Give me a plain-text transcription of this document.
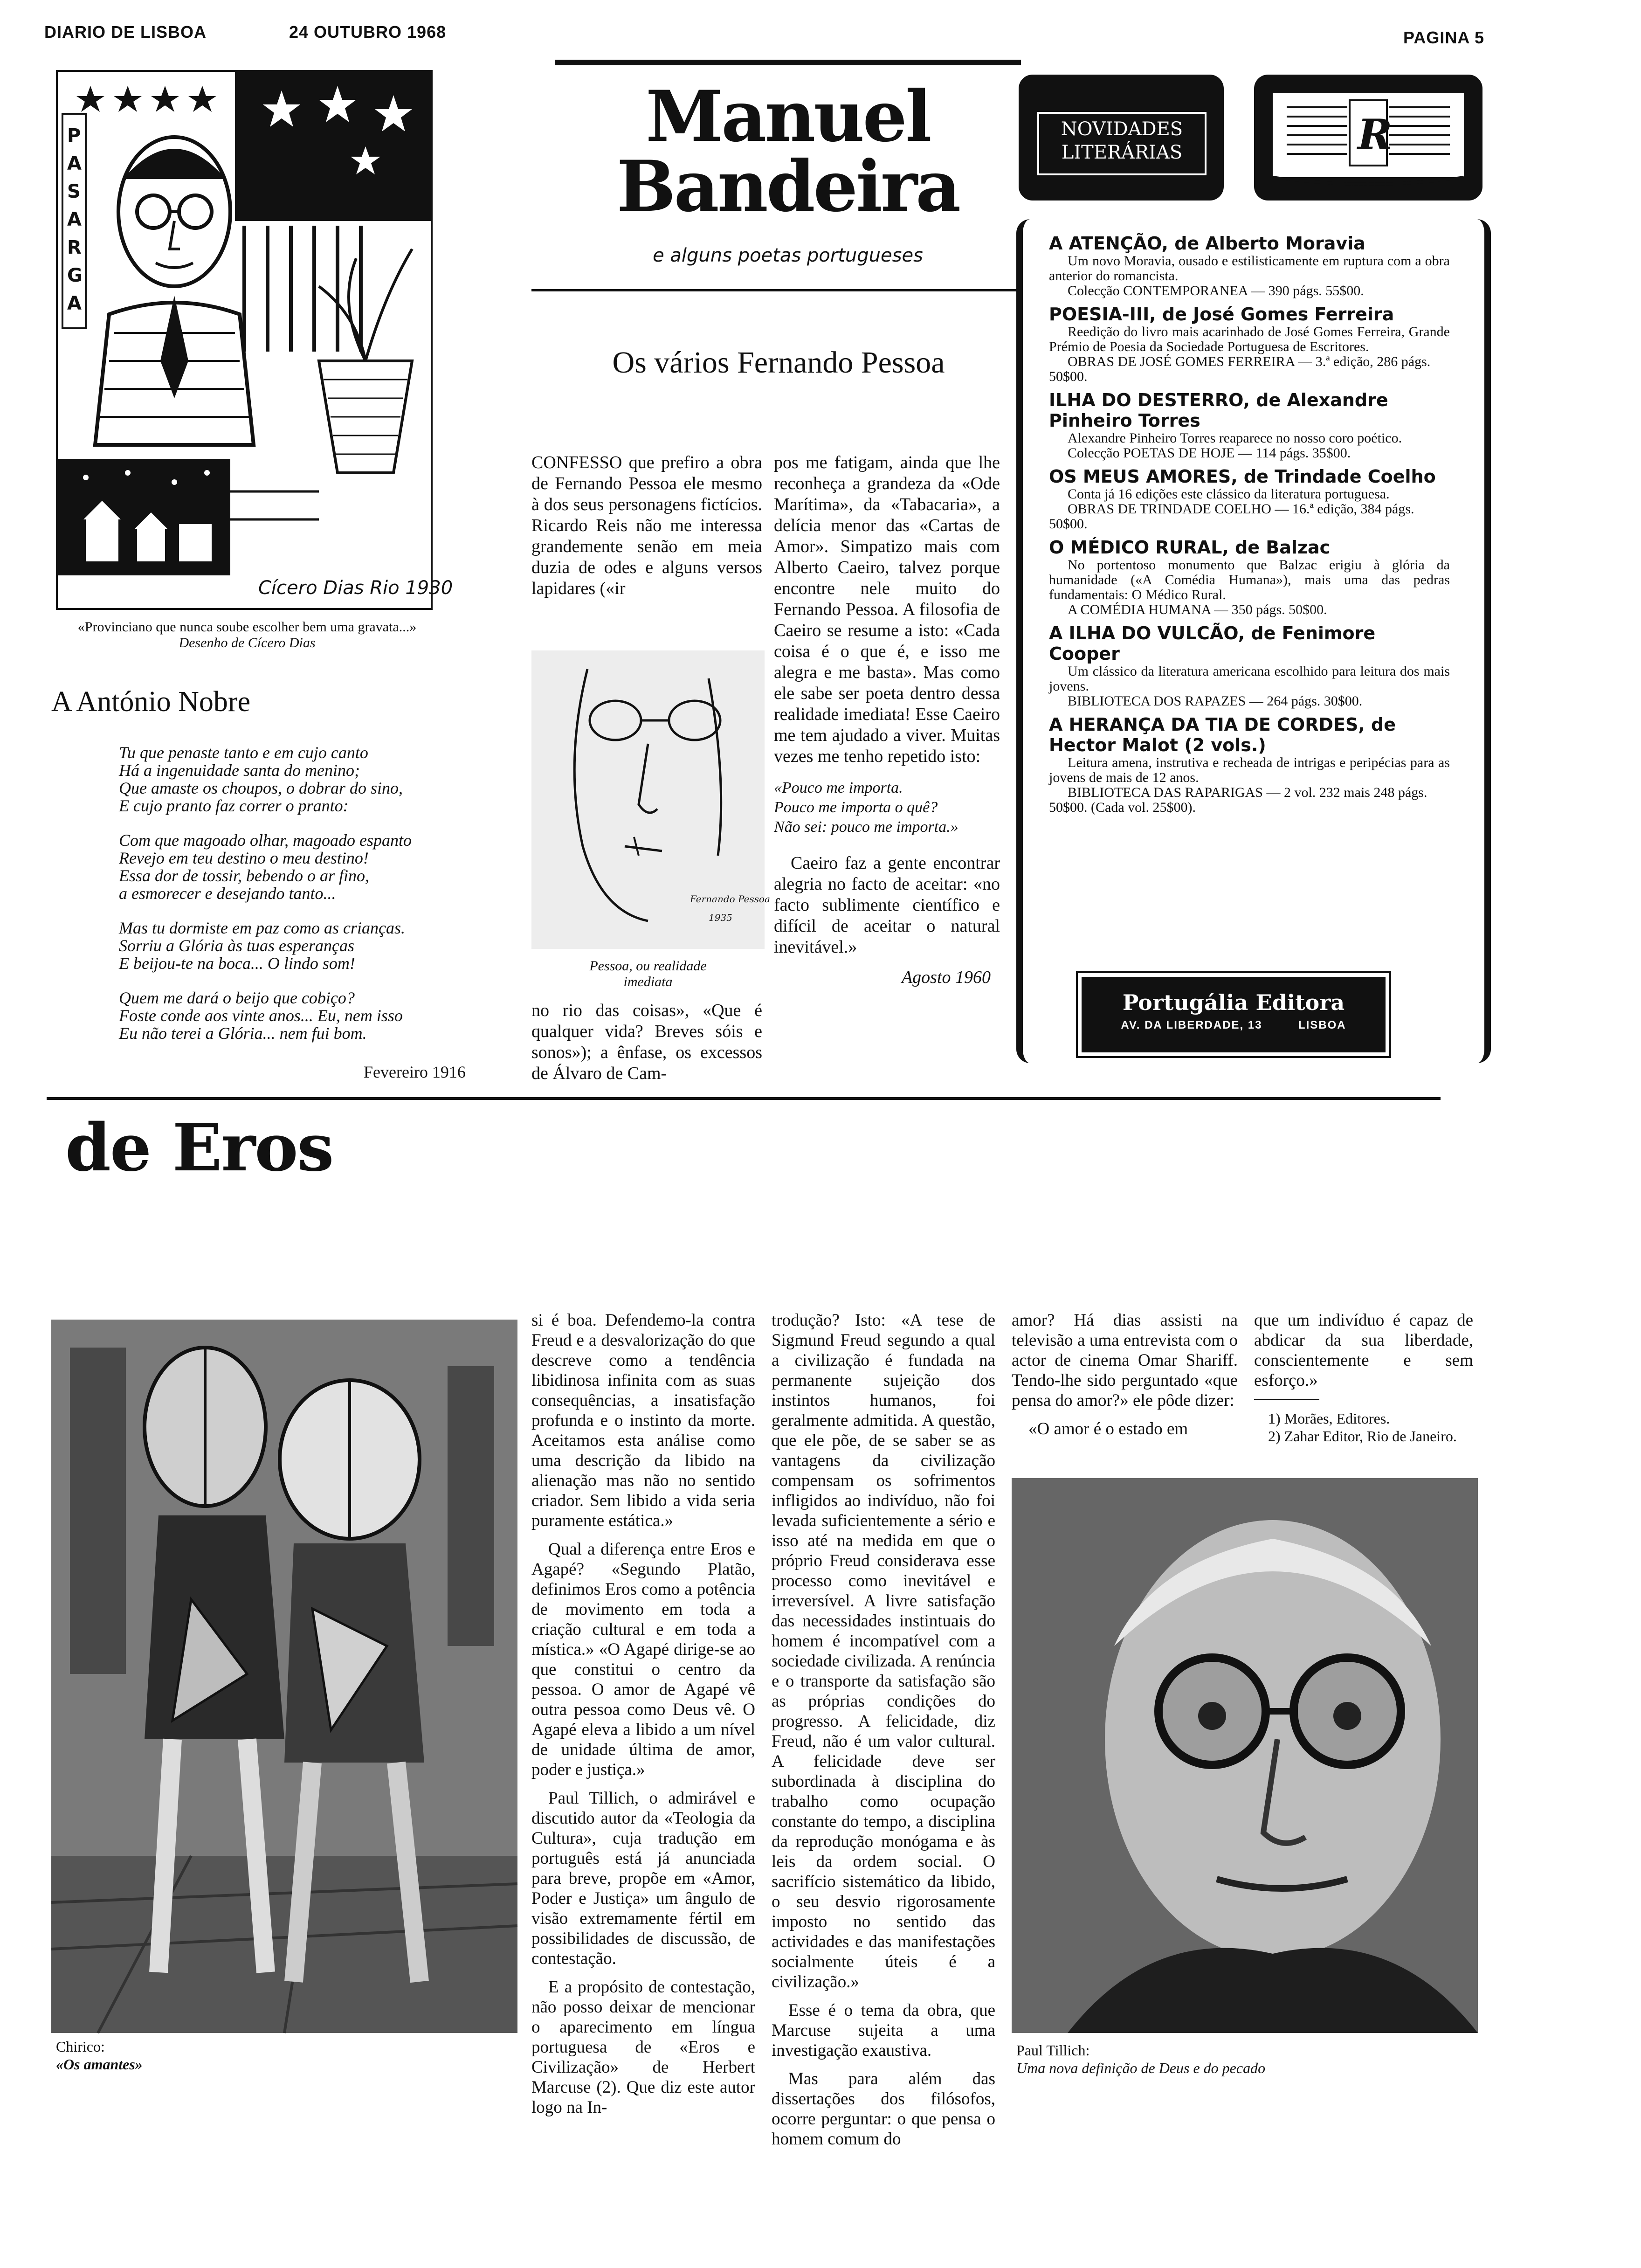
DIARIO DE LISBOA	24 OUTUBRO 1968	PAGINA 5
P
A
S
A
R
G
A
Cícero Dias Rio 1930
«Provinciano que nunca soube escolher bem uma gravata...»
Desenho de Cícero Dias
A António Nobre

Tu que penaste tanto e em cujo canto
Há a ingenuidade santa do menino;
Que amaste os choupos, o dobrar do sino,
E cujo pranto faz correr o pranto:

Com que magoado olhar, magoado espanto
Revejo em teu destino o meu destino!
Essa dor de tossir, bebendo o ar fino,
a esmorecer e desejando tanto...

Mas tu dormiste em paz como as crianças.
Sorriu a Glória às tuas esperanças
E beijou-te na boca... O lindo som!

Quem me dará o beijo que cobiço?
Foste conde aos vinte anos... Eu, nem isso
Eu não terei a Glória... nem fui bom.

Fevereiro 1916
Manuel
Bandeira
e alguns poetas portugueses
Os vários Fernando Pessoa

CONFESSO que prefiro a obra de Fernando Pessoa ele mesmo à dos seus personagens fictícios. Ricardo Reis não me interessa grandemente senão em meia duzia de odes e alguns versos lapidares («ir

Fernando Pessoa
1935
Pessoa, ou realidade
imediata

no rio das coisas», «Que é qualquer vida? Breves sóis e sonos»); a ênfase, os excessos de Álvaro de Cam-

pos me fatigam, ainda que lhe reconheça a grandeza da «Ode Marítima», da «Tabacaria», a delícia menor das «Cartas de Amor». Simpatizo mais com Alberto Caeiro, talvez porque encontre nele muito do Fernando Pessoa. A filosofia de Caeiro se resume a isto: «Cada coisa é o que é, e isso me alegra e me basta». Mas como ele sabe ser poeta dentro dessa realidade imediata! Esse Caeiro me tem ajudado a viver. Muitas vezes me tenho repetido isto:

«Pouco me importa.
Pouco me importa o quê?
Não sei: pouco me importa.»

Caeiro faz a gente encontrar alegria no facto de aceitar: «no facto sublimente científico e difícil de aceitar o natural inevitável.»

Agosto 1960
NOVIDADES
LITERÁRIAS	R
A ATENÇÃO, de Alberto Moravia
Um novo Moravia, ousado e estilisticamente em ruptura com a obra anterior do romancista.
Colecção CONTEMPORANEA — 390 págs. 55$00.
POESIA-III, de José Gomes Ferreira
Reedição do livro mais acarinhado de José Gomes Ferreira, Grande Prémio de Poesia da Sociedade Portuguesa de Escritores.
OBRAS DE JOSÉ GOMES FERREIRA — 3.ª edição, 286 págs. 50$00.
ILHA DO DESTERRO, de Alexandre Pinheiro Torres
Alexandre Pinheiro Torres reaparece no nosso coro poético.
Colecção POETAS DE HOJE — 114 págs. 35$00.
OS MEUS AMORES, de Trindade Coelho
Conta já 16 edições este clássico da literatura portuguesa.
OBRAS DE TRINDADE COELHO — 16.ª edição, 384 págs. 50$00.
O MÉDICO RURAL, de Balzac
No portentoso monumento que Balzac erigiu à glória da humanidade («A Comédia Humana»), mais uma das pedras fundamentais: O Médico Rural.
A COMÉDIA HUMANA — 350 págs. 50$00.
A ILHA DO VULCÃO, de Fenimore Cooper
Um clássico da literatura americana escolhido para leitura dos mais jovens.
BIBLIOTECA DOS RAPAZES — 264 págs. 30$00.
A HERANÇA DA TIA DE CORDES, de Hector Malot (2 vols.)
Leitura amena, instrutiva e recheada de intrigas e peripécias para as jovens de mais de 12 anos.
BIBLIOTECA DAS RAPARIGAS — 2 vol. 232 mais 248 págs. 50$00. (Cada vol. 25$00).
Portugália Editora
AV. DA LIBERDADE, 13	LISBOA
de Eros
Chirico:
«Os amantes»

si é boa. Defendemo-la contra Freud e a desvalorização do que descreve como a tendência libidinosa infinita com as suas consequências, a insatisfação profunda e o instinto da morte. Aceitamos esta análise como uma descrição da libido na alienação mas não no sentido criador. Sem libido a vida seria puramente estática.»

Qual a diferença entre Eros e Agapé? «Segundo Platão, definimos Eros como a potência de movimento em toda a criação cultural e em toda a mística.» «O Agapé dirige-se ao que constitui o centro da pessoa. O amor de Agapé vê outra pessoa como Deus vê. O Agapé eleva a libido a um nível de unidade última de amor, poder e justiça.»

Paul Tillich, o admirável e discutido autor da «Teologia da Cultura», cuja tradução em português está já anunciada para breve, propõe em «Amor, Poder e Justiça» um ângulo de visão extremamente fértil em possibilidades de discussão, de contestação.

E a propósito de contestação, não posso deixar de mencionar o aparecimento em língua portuguesa de «Eros e Civilização» de Herbert Marcuse (2). Que diz este autor logo na In-

trodução? Isto: «A tese de Sigmund Freud segundo a qual a civilização é fundada na permanente sujeição dos instintos humanos, foi geralmente admitida. A questão, que ele põe, de se saber se as vantagens da civilização compensam os sofrimentos infligidos ao indivíduo, não foi levada suficientemente a sério e isso até na medida em que o próprio Freud considerava esse processo como inevitável e irreversível. A livre satisfação das necessidades instintuais do homem é incompatível com a sociedade civilizada. A renúncia e o transporte da satisfação são as próprias condições do progresso. A felicidade, diz Freud, não é um valor cultural. A felicidade deve ser subordinada à disciplina do trabalho como ocupação constante do tempo, a disciplina da reprodução monógama e às leis da ordem social. O sacrifício sistemático da libido, o seu desvio rigorosamente imposto no sentido das actividades e das manifestações socialmente úteis é a civilização.»

Esse é o tema da obra, que Marcuse sujeita a uma investigação exaustiva.

Mas para além das dissertações dos filósofos, ocorre perguntar: o que pensa o homem comum do

amor? Há dias assisti na televisão a uma entrevista com o actor de cinema Omar Shariff. Tendo-lhe sido perguntado «que pensa do amor?» ele pôde dizer:

«O amor é o estado em

que um indivíduo é capaz de abdicar da sua liberdade, conscientemente e sem esforço.»

1) Morães, Editores.
2) Zahar Editor, Rio de Janeiro.
Paul Tillich:
Uma nova definição de Deus e do pecado
